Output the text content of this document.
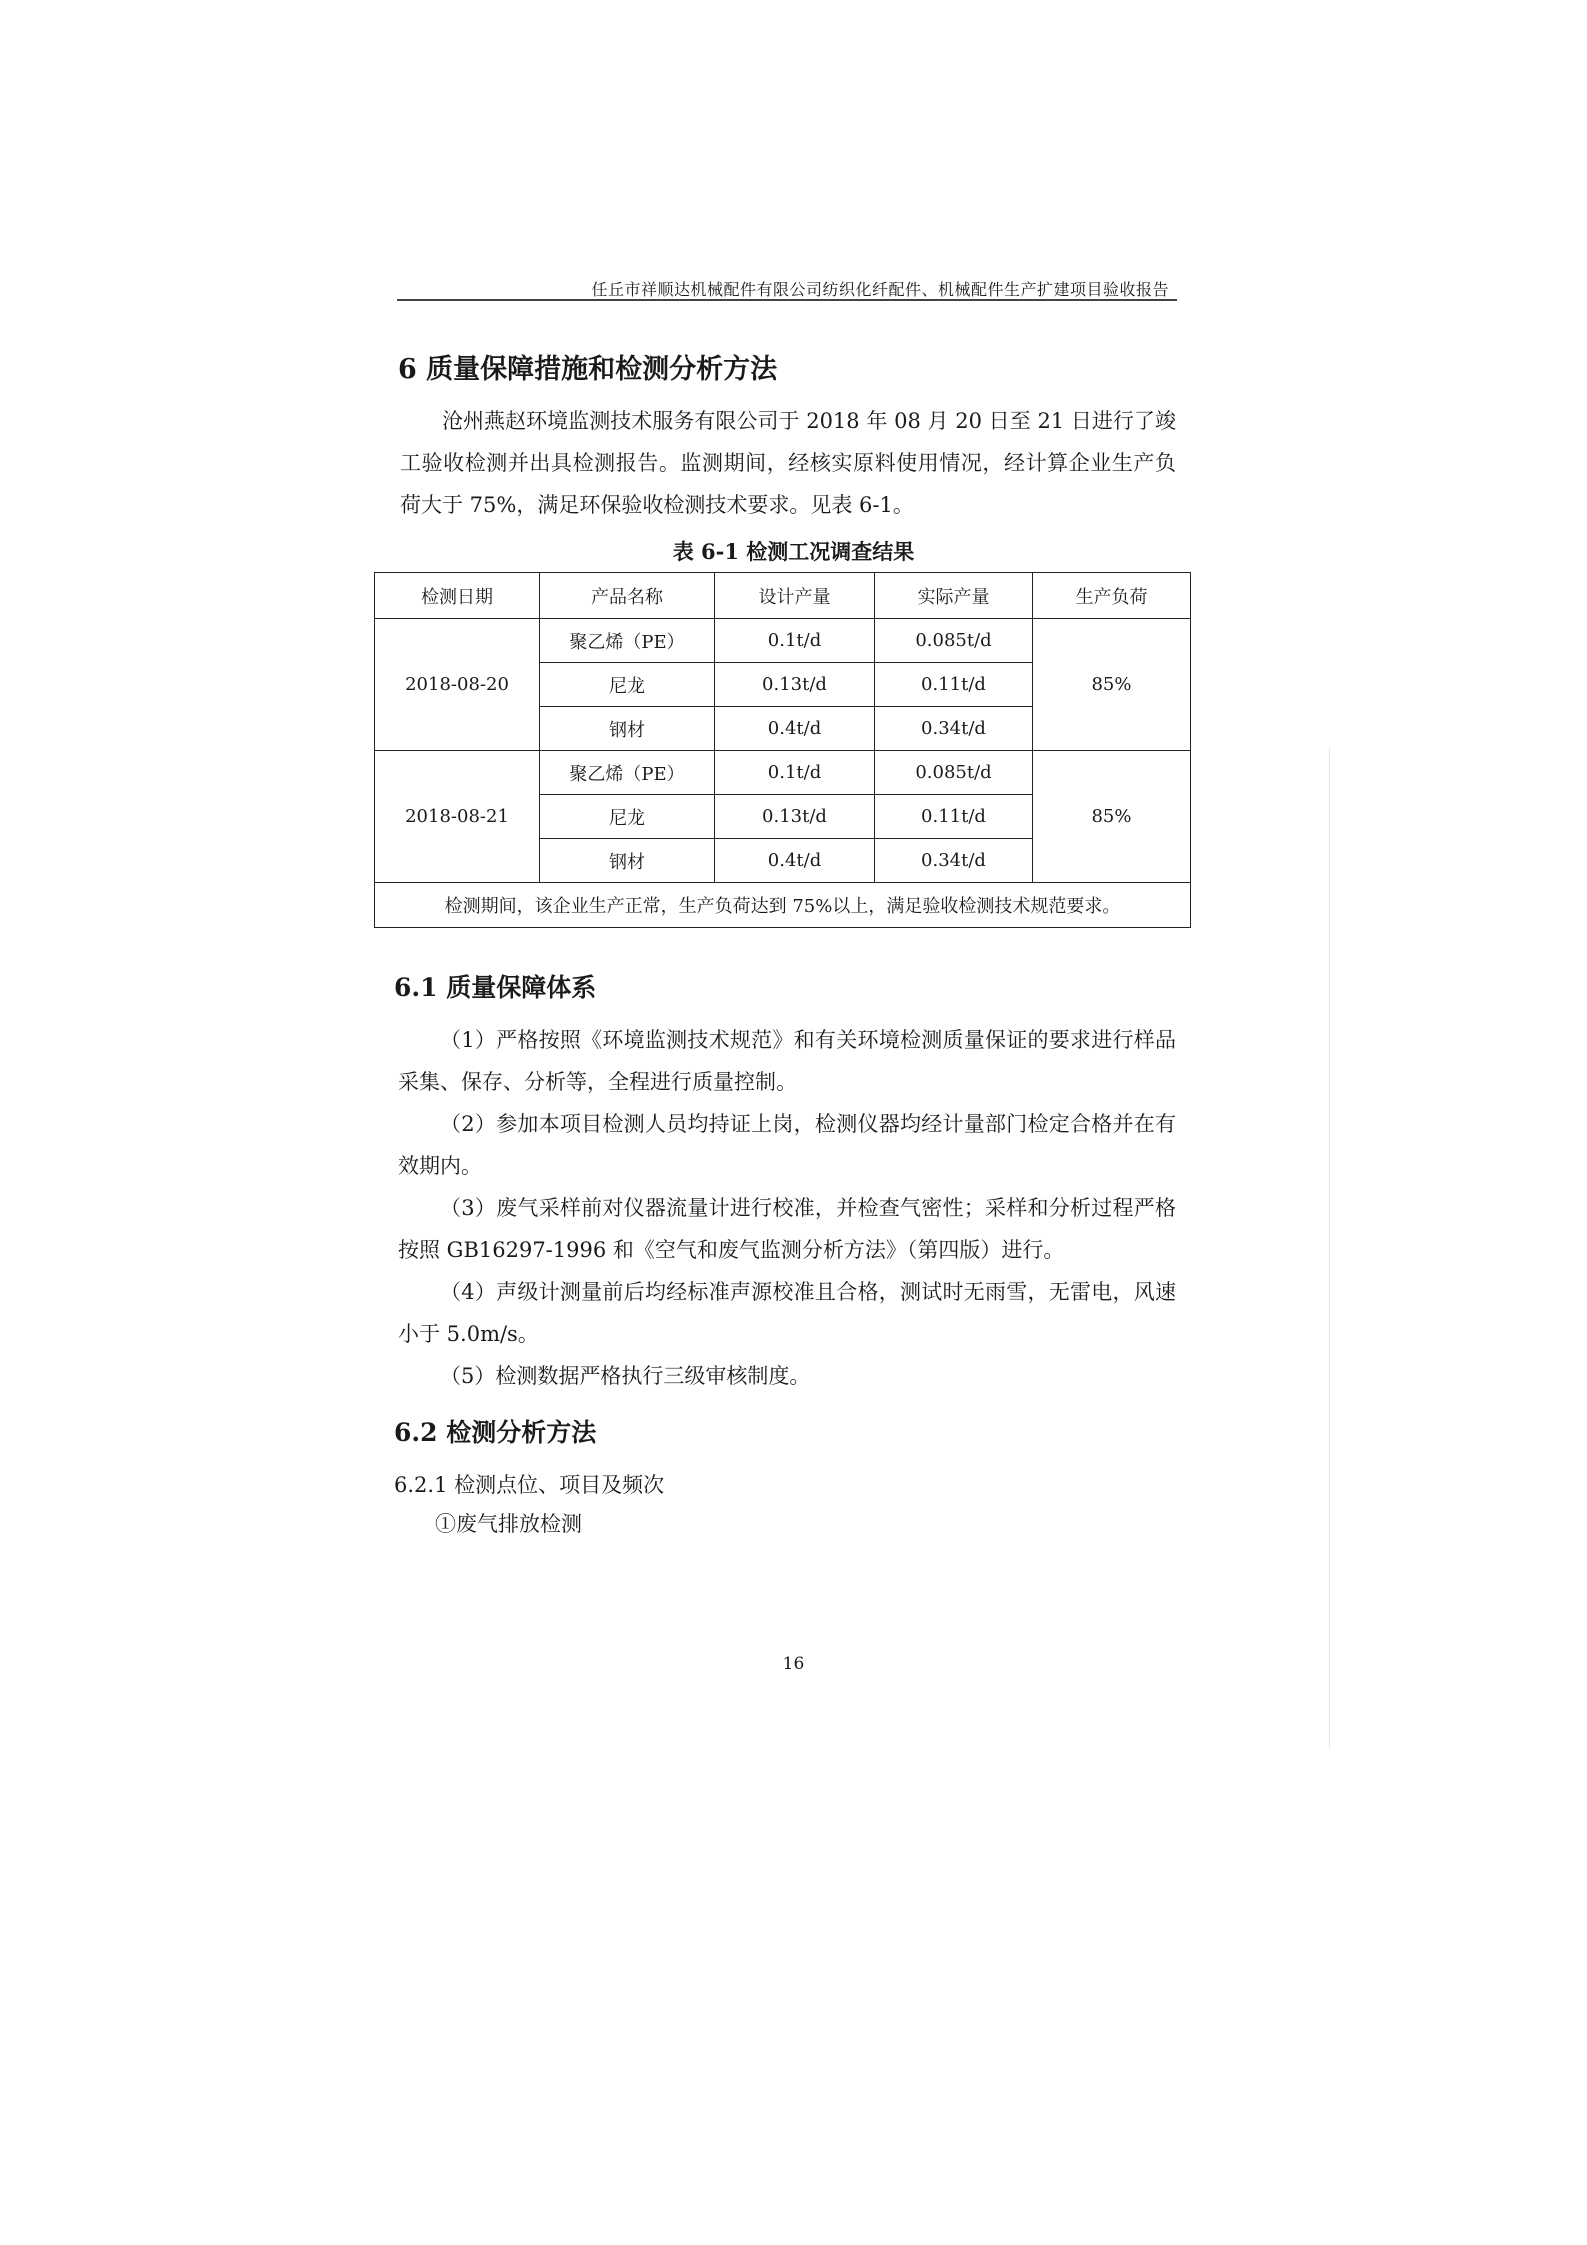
任丘市祥顺达机械配件有限公司纺织化纤配件、机械配件生产扩建项目验收报告
6 质量保障措施和检测分析方法
沧州燕赵环境监测技术服务有限公司于 2018 年 08 月 20 日至 21 日进行了竣工验收检测并出具检测报告。监测期间，经核实原料使用情况，经计算企业生产负荷大于 75%，满足环保验收检测技术要求。见表 6-1。
表 6-1 检测工况调查结果
检测日期	产品名称	设计产量	实际产量	生产负荷
2018-08-20	聚乙烯（PE）	0.1t/d	0.085t/d	85%
	尼龙	0.13t/d	0.11t/d	
	钢材	0.4t/d	0.34t/d	
2018-08-21	聚乙烯（PE）	0.1t/d	0.085t/d	85%
	尼龙	0.13t/d	0.11t/d	
	钢材	0.4t/d	0.34t/d	
检测期间，该企业生产正常，生产负荷达到 75%以上，满足验收检测技术规范要求。				
6.1 质量保障体系
（1）严格按照《环境监测技术规范》和有关环境检测质量保证的要求进行样品采集、保存、分析等，全程进行质量控制。
（2）参加本项目检测人员均持证上岗，检测仪器均经计量部门检定合格并在有效期内。
（3）废气采样前对仪器流量计进行校准，并检查气密性；采样和分析过程严格按照 GB16297-1996 和《空气和废气监测分析方法》（第四版）进行。
（4）声级计测量前后均经标准声源校准且合格，测试时无雨雪，无雷电，风速小于 5.0m/s。
（5）检测数据严格执行三级审核制度。
6.2 检测分析方法
6.2.1 检测点位、项目及频次
①废气排放检测
16
